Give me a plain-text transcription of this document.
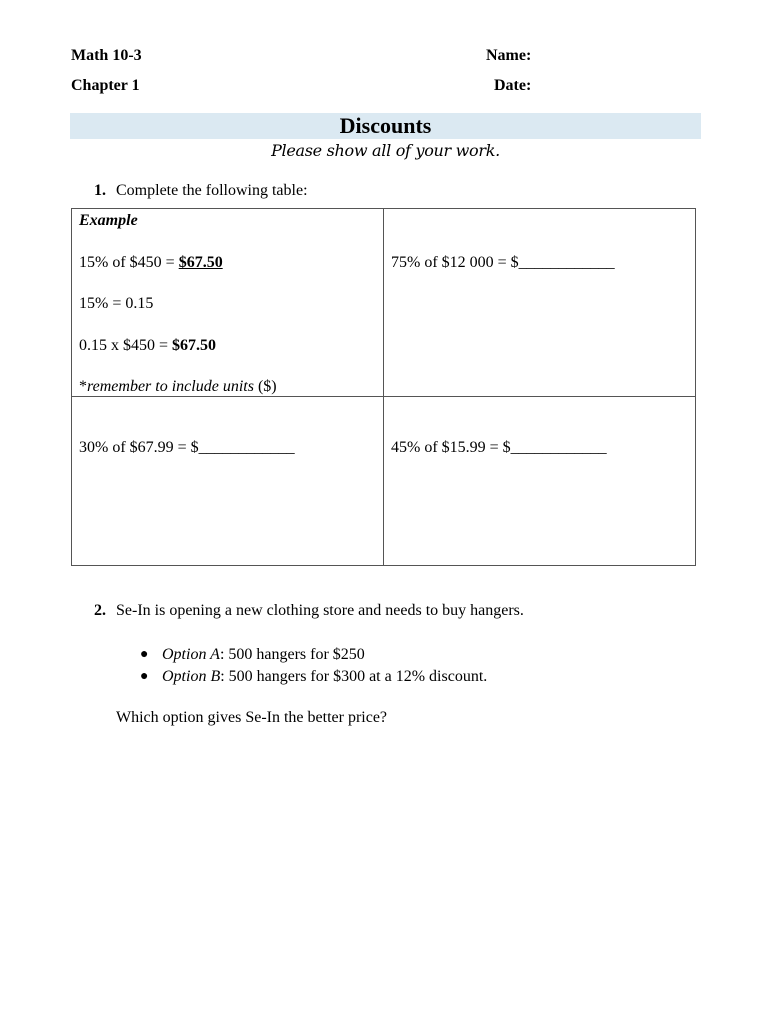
Math 10-3
Chapter 1
Name:
Date:
Discounts
Please show all of your work.
1. Complete the following table:
Example
15% of $450 = $67.50
15% = 0.15
0.15 x $450 = $67.50
*remember to include units ($)	75% of $12 000 = $____________

30% of $67.99 = $____________	45% of $15.99 = $____________
2. Se-In is opening a new clothing store and needs to buy hangers.
● Option A: 500 hangers for $250
● Option B: 500 hangers for $300 at a 12% discount.
Which option gives Se-In the better price?
